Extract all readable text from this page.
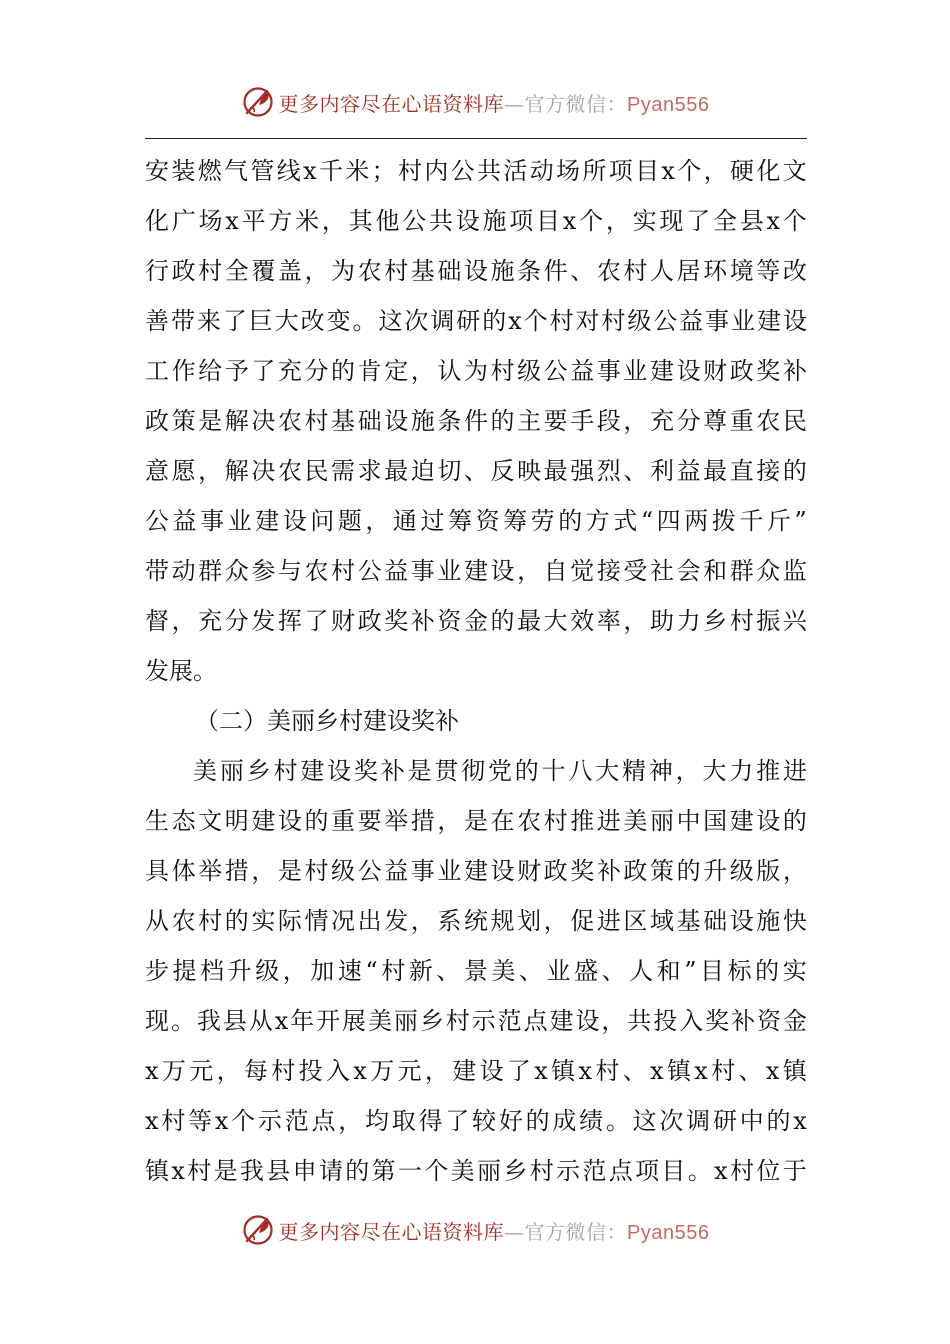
更多内容尽在心语资料库—官方微信：Pyan556
安 装 燃 气 管 线 x 千 米 ； 村 内 公 共 活 动 场 所 项 目 x 个 ， 硬 化 文
化 广 场 x 平 方 米 ， 其 他 公 共 设 施 项 目 x 个 ， 实 现 了 全 县 x 个
行 政 村 全 覆 盖 ， 为 农 村 基 础 设 施 条 件 、 农 村 人 居 环 境 等 改
善 带 来 了 巨 大 改 变 。 这 次 调 研 的 x 个 村 对 村 级 公 益 事 业 建 设
工 作 给 予 了 充 分 的 肯 定 ， 认 为 村 级 公 益 事 业 建 设 财 政 奖 补
政 策 是 解 决 农 村 基 础 设 施 条 件 的 主 要 手 段 ， 充 分 尊 重 农 民
意 愿 ， 解 决 农 民 需 求 最 迫 切 、 反 映 最 强 烈 、 利 益 最 直 接 的
公 益 事 业 建 设 问 题 ， 通 过 筹 资 筹 劳 的 方 式 “ 四 两 拨 千 斤 ”
带 动 群 众 参 与 农 村 公 益 事 业 建 设 ， 自 觉 接 受 社 会 和 群 众 监
督 ， 充 分 发 挥 了 财 政 奖 补 资 金 的 最 大 效 率 ， 助 力 乡 村 振 兴
发展。
（二）美丽乡村建设奖补
美 丽 乡 村 建 设 奖 补 是 贯 彻 党 的 十 八 大 精 神 ， 大 力 推 进
生 态 文 明 建 设 的 重 要 举 措 ， 是 在 农 村 推 进 美 丽 中 国 建 设 的
具 体 举 措 ， 是 村 级 公 益 事 业 建 设 财 政 奖 补 政 策 的 升 级 版 ，
从 农 村 的 实 际 情 况 出 发 ， 系 统 规 划 ， 促 进 区 域 基 础 设 施 快
步 提 档 升 级 ， 加 速 “ 村 新 、 景 美 、 业 盛 、 人 和 ” 目 标 的 实
现 。 我 县 从 x 年 开 展 美 丽 乡 村 示 范 点 建 设 ， 共 投 入 奖 补 资 金
x 万 元 ， 每 村 投 入 x 万 元 ， 建 设 了 x 镇 x 村 、 x 镇 x 村 、 x 镇
x 村 等 x 个 示 范 点 ， 均 取 得 了 较 好 的 成 绩 。 这 次 调 研 中 的 x
镇 x 村 是 我 县 申 请 的 第 一 个 美 丽 乡 村 示 范 点 项 目 。 x 村 位 于
更多内容尽在心语资料库—官方微信：Pyan556
